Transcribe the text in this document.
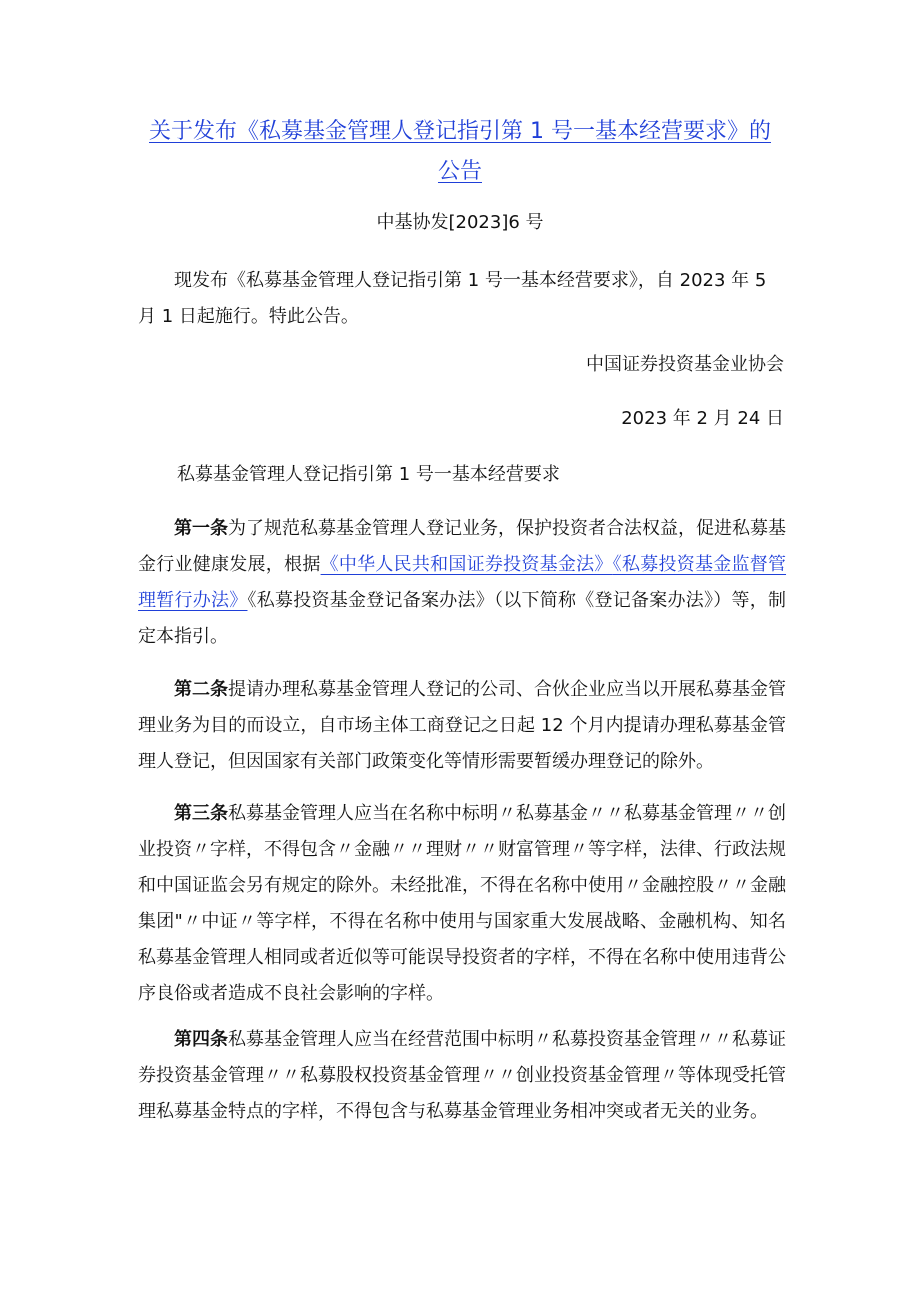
关于发布《私募基金管理人登记指引第 1 号一基本经营要求》的
公告
中基协发[2023]6 号
现发布《私募基金管理人登记指引第 1 号一基本经营要求》，自 2023 年 5 月 1 日起施行。特此公告。
中国证券投资基金业协会
2023 年 2 月 24 日
私募基金管理人登记指引第 1 号一基本经营要求
第一条为了规范私募基金管理人登记业务，保护投资者合法权益，促进私募基金行业健康发展，根据《中华人民共和国证券投资基金法》《私募投资基金监督管理暂行办法》《私募投资基金登记备案办法》（以下简称《登记备案办法》）等，制定本指引。
第二条提请办理私募基金管理人登记的公司、合伙企业应当以开展私募基金管理业务为目的而设立，自市场主体工商登记之日起 12 个月内提请办理私募基金管理人登记，但因国家有关部门政策变化等情形需要暂缓办理登记的除外。
第三条私募基金管理人应当在名称中标明〃私募基金〃〃私募基金管理〃〃创业投资〃字样，不得包含〃金融〃〃理财〃〃财富管理〃等字样，法律、行政法规和中国证监会另有规定的除外。未经批准，不得在名称中使用〃金融控股〃〃金融集团"〃中证〃等字样，不得在名称中使用与国家重大发展战略、金融机构、知名私募基金管理人相同或者近似等可能误导投资者的字样，不得在名称中使用违背公序良俗或者造成不良社会影响的字样。
第四条私募基金管理人应当在经营范围中标明〃私募投资基金管理〃〃私募证券投资基金管理〃〃私募股权投资基金管理〃〃创业投资基金管理〃等体现受托管理私募基金特点的字样，不得包含与私募基金管理业务相冲突或者无关的业务。
